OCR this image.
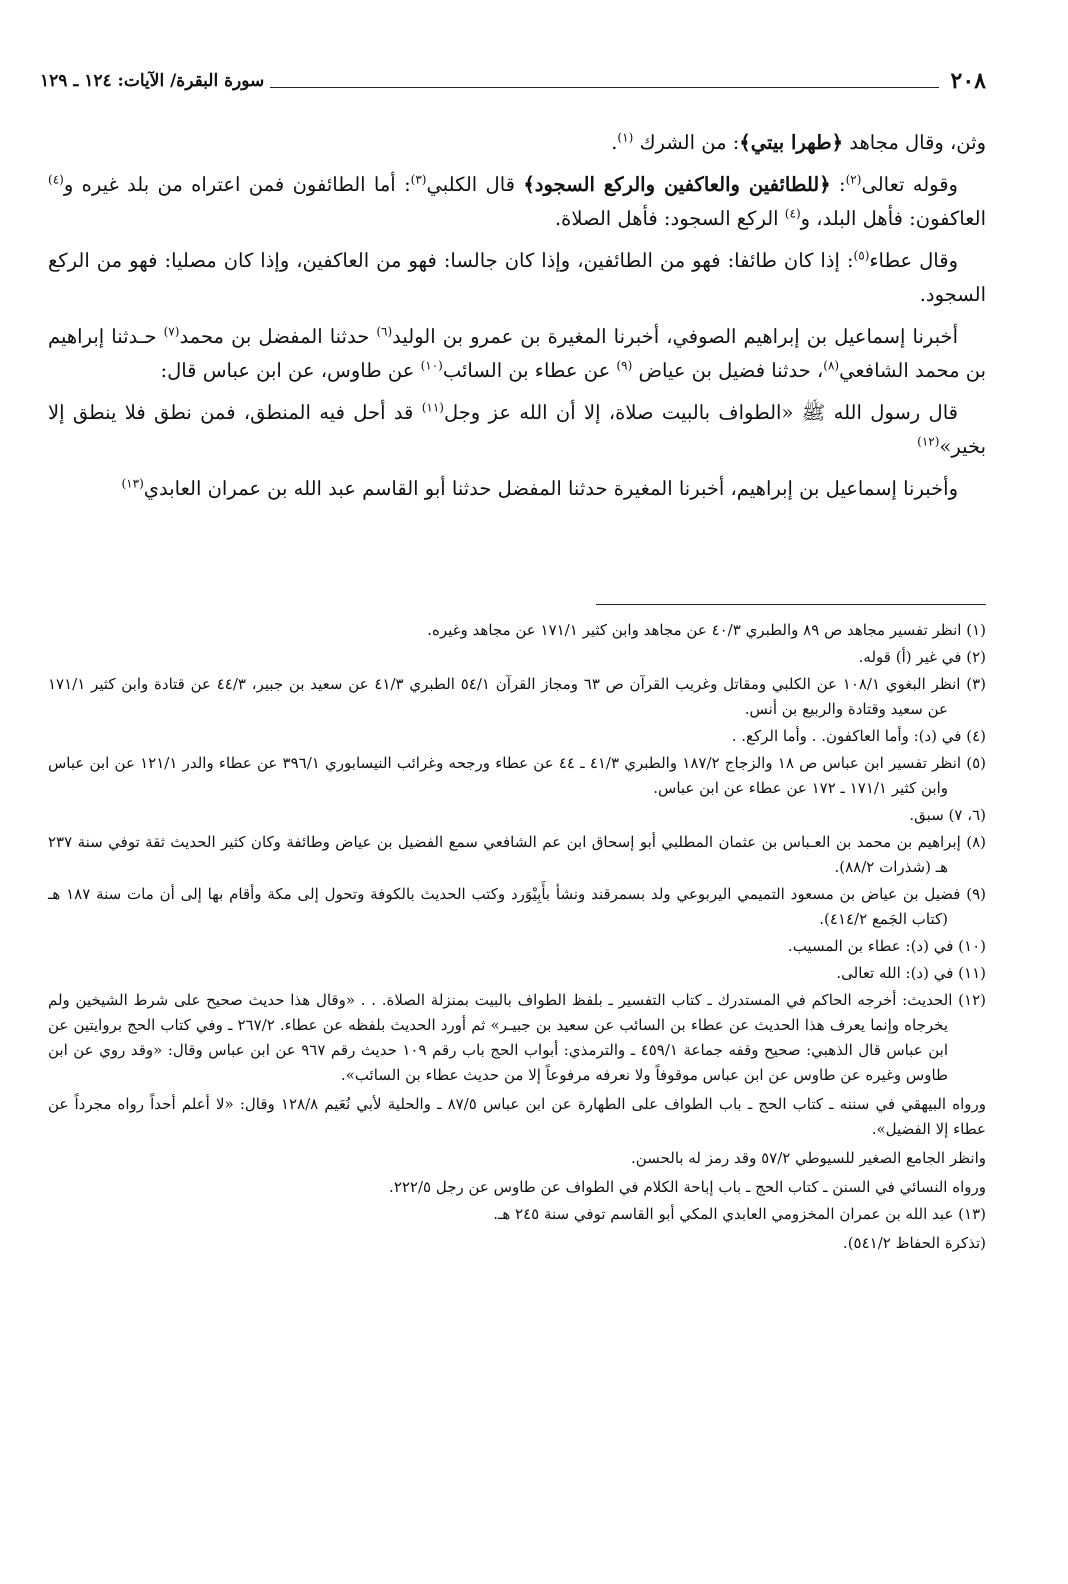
٢٠٨
سورة البقرة/ الآيات: ١٢٤ ـ ١٢٩

وثن، وقال مجاهد ﴿طهرا بيتي﴾: من الشرك $^{(١)}$.

وقوله تعالى$^{(٢)}$: ﴿للطائفين والعاكفين والركع السجود﴾ قال الكلبي$^{(٣)}$: أما الطائفون فمن اعتراه من بلد غيره و$^{(٤)}$ العاكفون: فأهل البلد، و$^{(٤)}$ الركع السجود: فأهل الصلاة.

وقال عطاء$^{(٥)}$: إذا كان طائفا: فهو من الطائفين، وإذا كان جالسا: فهو من العاكفين، وإذا كان مصليا: فهو من الركع السجود.

أخبرنا إسماعيل بن إبراهيم الصوفي، أخبرنا المغيرة بن عمرو بن الوليد$^{(٦)}$ حدثنا المفضل بن محمد$^{(٧)}$ حـدثنا إبراهيم بن محمد الشافعي$^{(٨)}$، حدثنا فضيل بن عياض $^{(٩)}$ عن عطاء بن السائب$^{(١٠)}$ عن طاوس، عن ابن عباس قال:

قال رسول الله ﷺ «الطواف بالبيت صلاة، إلا أن الله عز وجل$^{(١١)}$ قد أحل فيه المنطق، فمن نطق فلا ينطق إلا بخير»$^{(١٢)}$

وأخبرنا إسماعيل بن إبراهيم، أخبرنا المغيرة حدثنا المفضل حدثنا أبو القاسم عبد الله بن عمران العابدي$^{(١٣)}$

(١) انظر تفسير مجاهد ص ٨٩ والطبري ٤٠/٣ عن مجاهد وابن كثير ١٧١/١ عن مجاهد وغيره.

(٢) في غير (أ) قوله.

(٣) انظر البغوي ١٠٨/١ عن الكلبي ومقاتل وغريب القرآن ص ٦٣ ومجاز القرآن ٥٤/١ الطبري ٤١/٣ عن سعيد بن جبير، ٤٤/٣ عن قتادة وابن كثير ١٧١/١ عن سعيد وقتادة والربيع بن أنس.

(٤) في (د): وأما العاكفون. . وأما الركع. .

(٥) انظر تفسير ابن عباس ص ١٨ والزجاج ١٨٧/٢ والطبري ٤١/٣ ـ ٤٤ عن عطاء ورجحه وغرائب النيسابوري ٣٩٦/١ عن عطاء والدر ١٢١/١ عن ابن عباس وابن كثير ١٧١/١ ـ ١٧٢ عن عطاء عن ابن عباس.

(٦، ٧) سبق.

(٨) إبراهيم بن محمد بن العـباس بن عثمان المطلبي أبو إسحاق ابن عم الشافعي سمع الفضيل بن عياض وطائفة وكان كثير الحديث ثقة توفي سنة ٢٣٧ هـ (شذرات ٨٨/٢).

(٩) فضيل بن عياض بن مسعود التميمي اليربوعي ولد بسمرقند ونشأ بأَبِيْوَرد وكتب الحديث بالكوفة وتحول إلى مكة وأقام بها إلى أن مات سنة ١٨٧ هـ (كتاب الجَمع ٤١٤/٢).

(١٠) في (د): عطاء بن المسيب.

(١١) في (د): الله تعالى.

(١٢) الحديث: أخرجه الحاكم في المستدرك ـ كتاب التفسير ـ بلفظ الطواف بالبيت بمنزلة الصلاة. . . «وقال هذا حديث صحيح على شرط الشيخين ولم يخرجاه وإنما يعرف هذا الحديث عن عطاء بن السائب عن سعيد بن جبيـر» ثم أورد الحديث بلفظه عن عطاء. ٢٦٧/٢ ـ وفي كتاب الحج بروايتين عن ابن عباس قال الذهبي: صحيح وقفه جماعة ٤٥٩/١ ـ والترمذي: أبواب الحج باب رقم ١٠٩ حديث رقم ٩٦٧ عن ابن عباس وقال: «وقد روي عن ابن طاوس وغيره عن طاوس عن ابن عباس موقوفاً ولا نعرفه مرفوعاً إلا من حديث عطاء بن السائب».

ورواه البيهقي في سننه ـ كتاب الحج ـ باب الطواف على الطهارة عن ابن عباس ٨٧/٥ ـ والحلية لأبي نُعَيم ١٢٨/٨ وقال: «لا أعلم أحداً رواه مجرداً عن عطاء إلا الفضيل».

وانظر الجامع الصغير للسيوطي ٥٧/٢ وقد رمز له بالحسن.

ورواه النسائي في السنن ـ كتاب الحج ـ باب إباحة الكلام في الطواف عن طاوس عن رجل ٢٢٢/٥.

(١٣) عبد الله بن عمران المخزومي العابدي المكي أبو القاسم توفي سنة ٢٤٥ هـ.

(تذكرة الحفاظ ٥٤١/٢).
